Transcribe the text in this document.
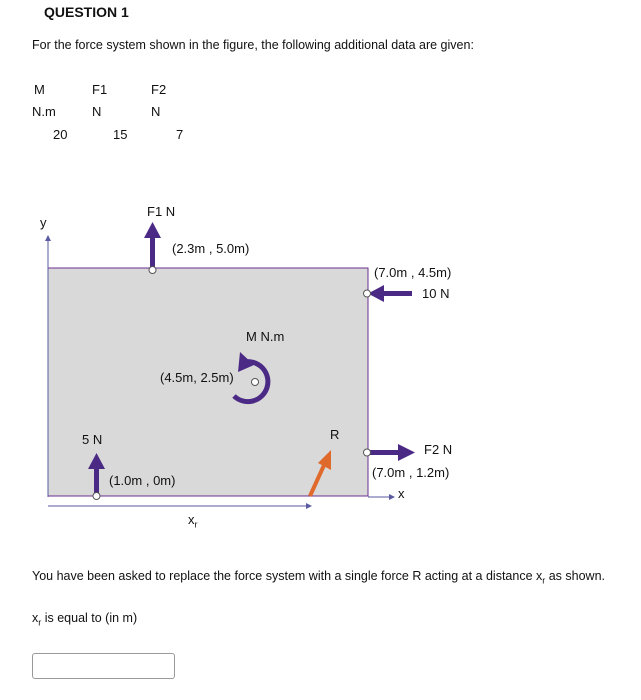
QUESTION 1
For the force system shown in the figure, the following additional data are given:
M	F1	F2
N.m	N	N
20	15	7
y
F1 N
(2.3m , 5.0m)
(7.0m , 4.5m)
10 N
M N.m
(4.5m, 2.5m)
5 N
(1.0m , 0m)
R
F2 N
(7.0m , 1.2m)
x
$x_r$
You have been asked to replace the force system with a single force R acting at a distance $x_r$ as shown.
$x_r$ is equal to (in m)
